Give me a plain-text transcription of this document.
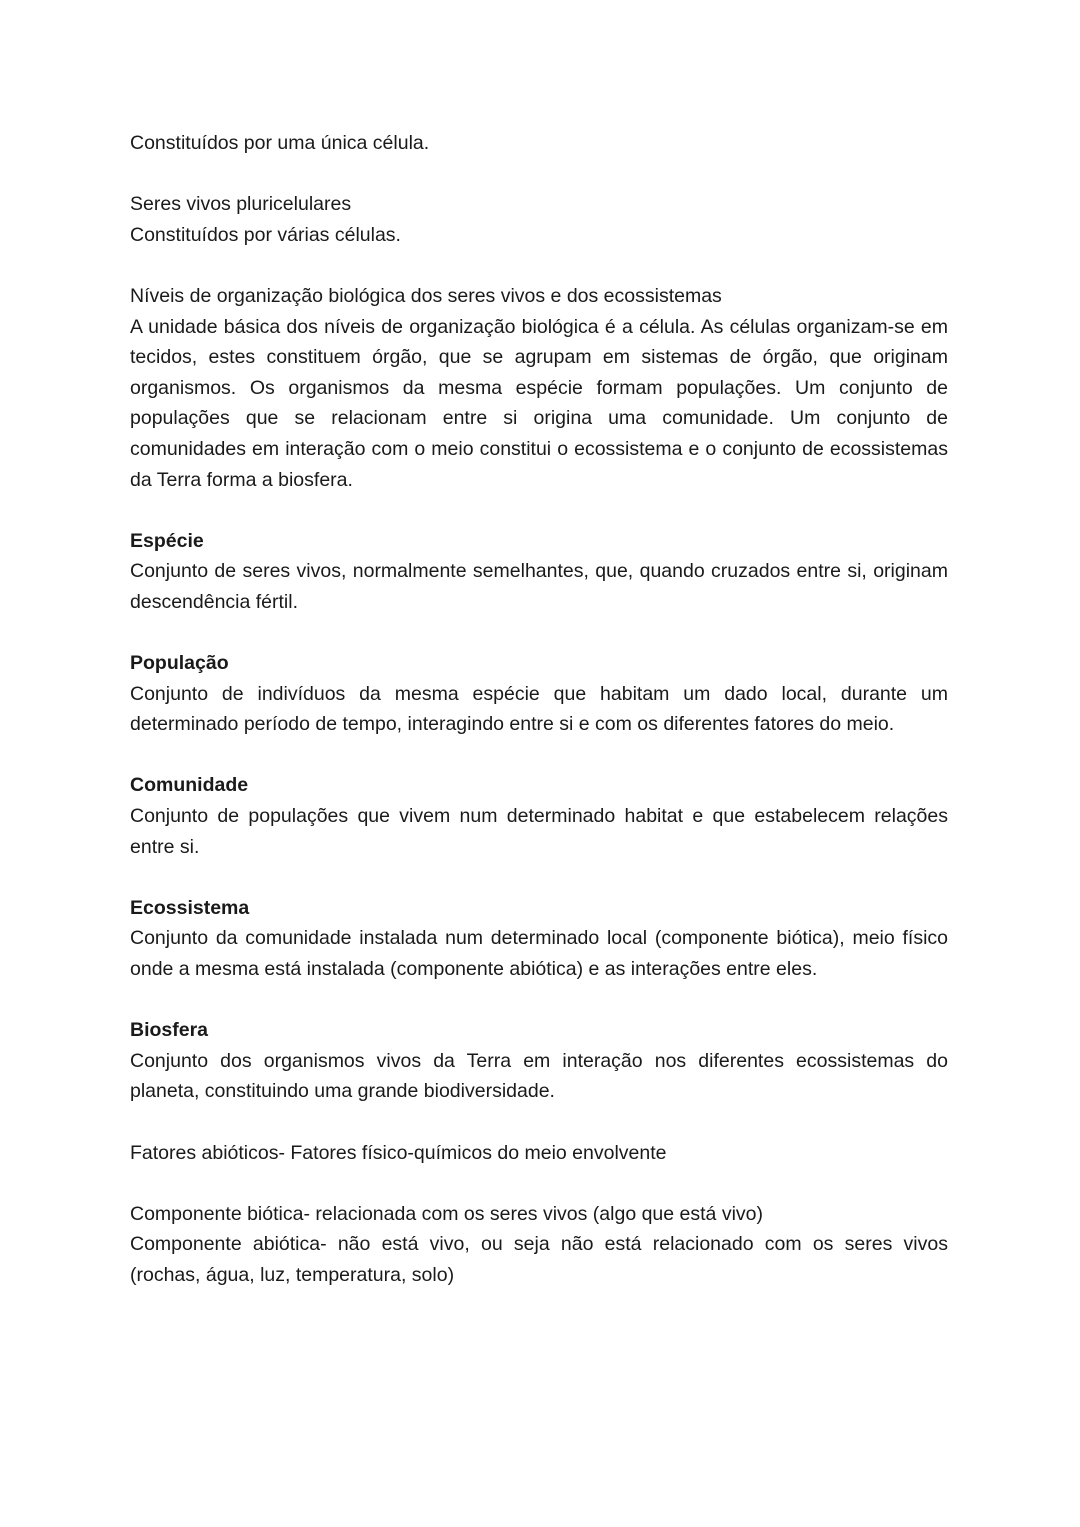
Constituídos por uma única célula.

Seres vivos pluricelulares

Constituídos por várias células.

Níveis de organização biológica dos seres vivos e dos ecossistemas

A unidade básica dos níveis de organização biológica é a célula. As células organizam-se em tecidos, estes constituem órgão, que se agrupam em sistemas de órgão, que originam organismos. Os organismos da mesma espécie formam populações. Um conjunto de populações que se relacionam entre si origina uma comunidade. Um conjunto de comunidades em interação com o meio constitui o ecossistema e o conjunto de ecossistemas da Terra forma a biosfera.

Espécie

Conjunto de seres vivos, normalmente semelhantes, que, quando cruzados entre si, originam descendência fértil.

População

Conjunto de indivíduos da mesma espécie que habitam um dado local, durante um determinado período de tempo, interagindo entre si e com os diferentes fatores do meio.

Comunidade

Conjunto de populações que vivem num determinado habitat e que estabelecem relações entre si.

Ecossistema

Conjunto da comunidade instalada num determinado local (componente biótica), meio físico onde a mesma está instalada (componente abiótica) e as interações entre eles.

Biosfera

Conjunto dos organismos vivos da Terra em interação nos diferentes ecossistemas do planeta, constituindo uma grande biodiversidade.

Fatores abióticos- Fatores físico-químicos do meio envolvente

Componente biótica- relacionada com os seres vivos (algo que está vivo)

Componente abiótica- não está vivo, ou seja não está relacionado com os seres vivos (rochas, água, luz, temperatura, solo)
